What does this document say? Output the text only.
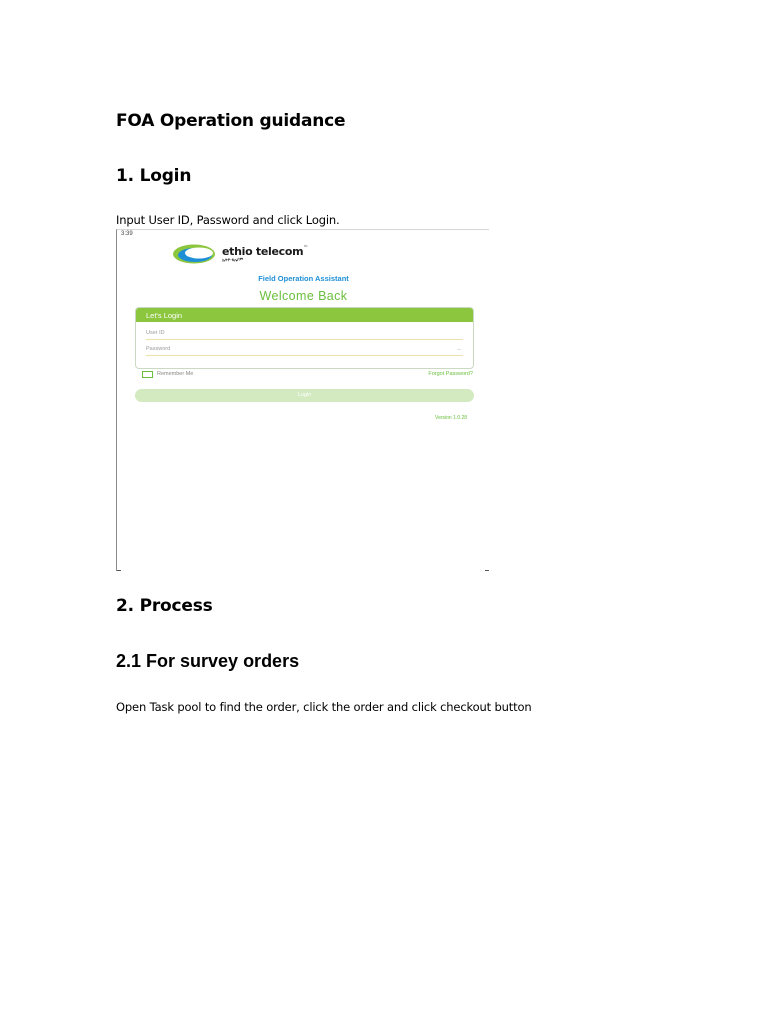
FOA Operation guidance
1. Login
Input User ID, Password and click Login.
3:39
ethio telecom™
ኢትዮ ቴሌኮም
Field Operation Assistant
Welcome Back
Let's Login
User ID
Password	◦◦
Remember Me	Forgot Password?
Login
Version 1.0.28
2. Process
2.1 For survey orders
Open Task pool to find the order, click the order and click checkout button
